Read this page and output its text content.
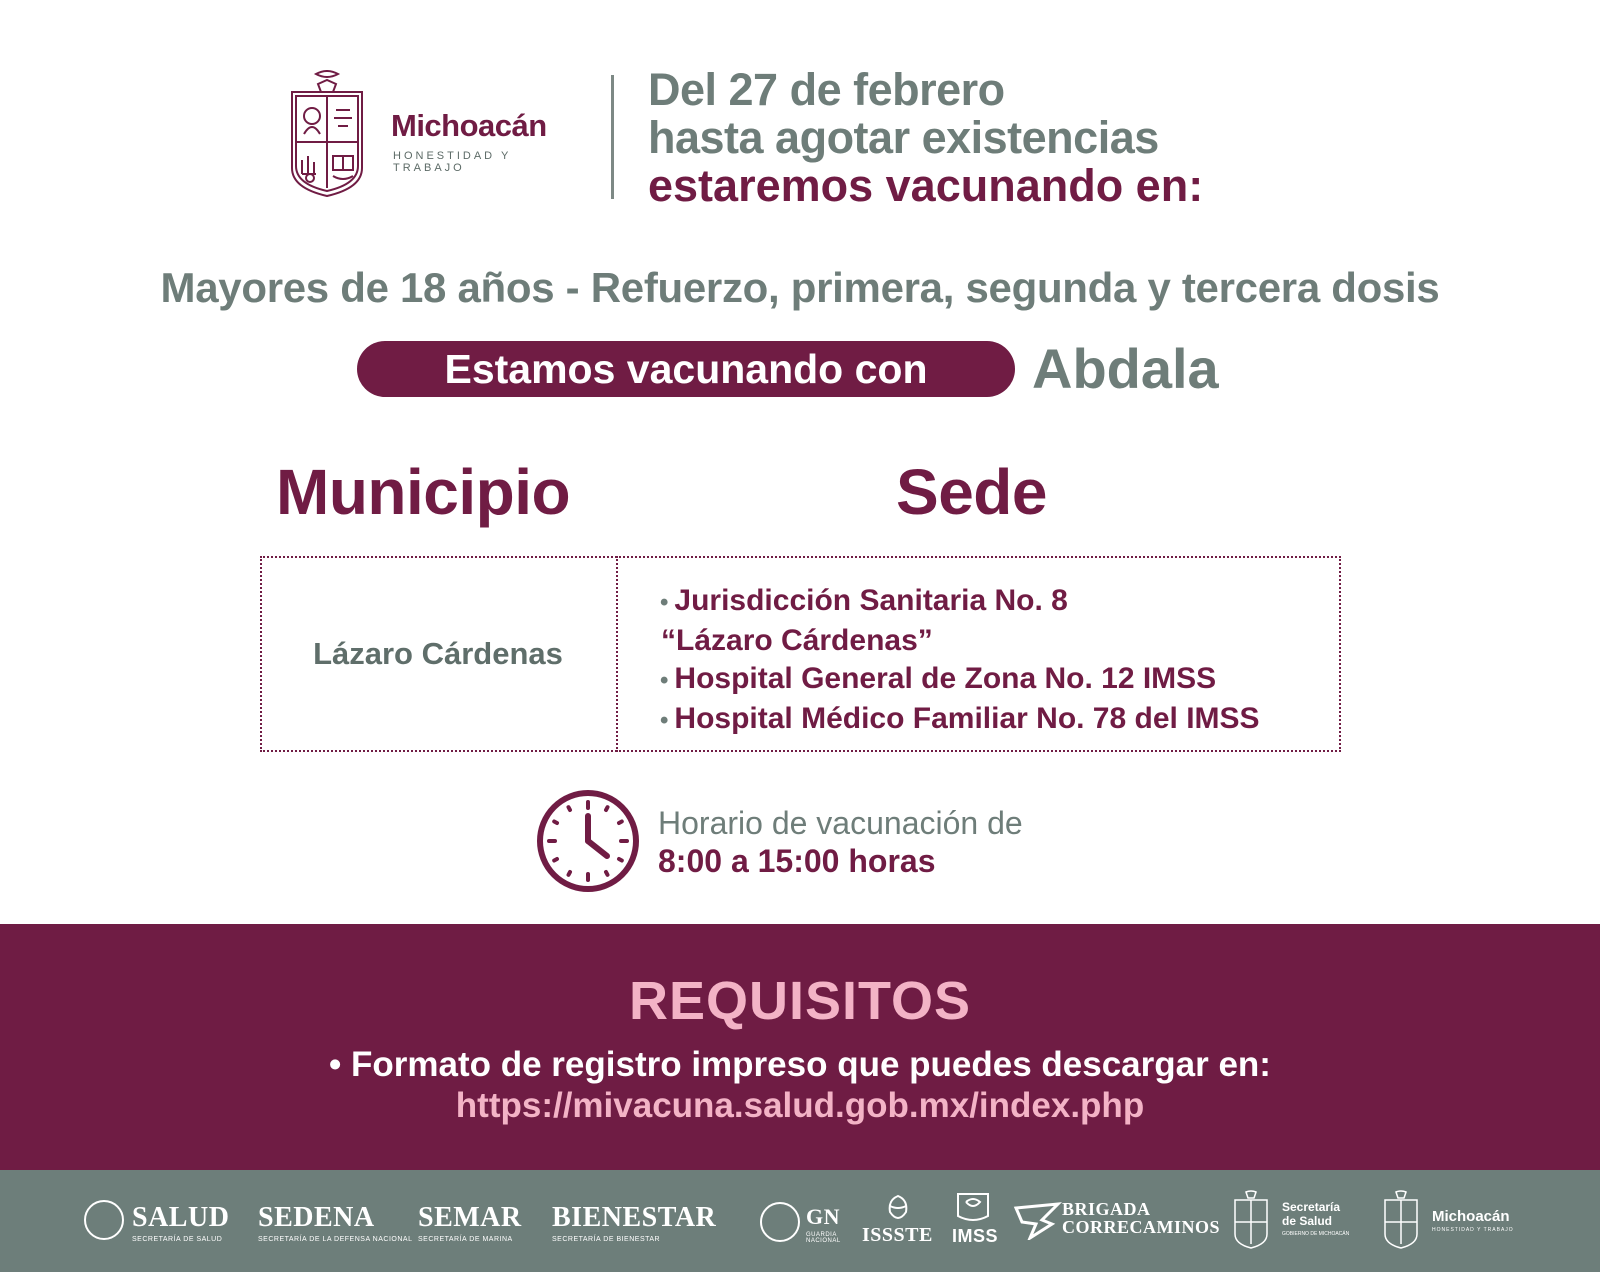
Michoacán
HONESTIDAD Y TRABAJO
Del 27 de febrero
hasta agotar existencias
estaremos vacunando en:
Mayores de 18 años - Refuerzo, primera, segunda y tercera dosis
Estamos vacunando con	Abdala
Municipio	Sede
Lázaro Cárdenas
• Jurisdicción Sanitaria No. 8
“Lázaro Cárdenas”
• Hospital General de Zona No. 12 IMSS
• Hospital Médico Familiar No. 78 del IMSS
Horario de vacunación de
8:00 a 15:00 horas
REQUISITOS
• Formato de registro impreso que puedes descargar en:
https://mivacuna.salud.gob.mx/index.php
SALUD
SECRETARÍA DE SALUD
SEDENA
SECRETARÍA DE LA DEFENSA NACIONAL
SEMAR
SECRETARÍA DE MARINA
BIENESTAR
SECRETARÍA DE BIENESTAR
GN
GUARDIA NACIONAL ISSSTE IMSS
BRIGADA
CORRECAMINOS
Secretaría
de Salud
GOBIERNO DE MICHOACÁN
Michoacán
HONESTIDAD Y TRABAJO
